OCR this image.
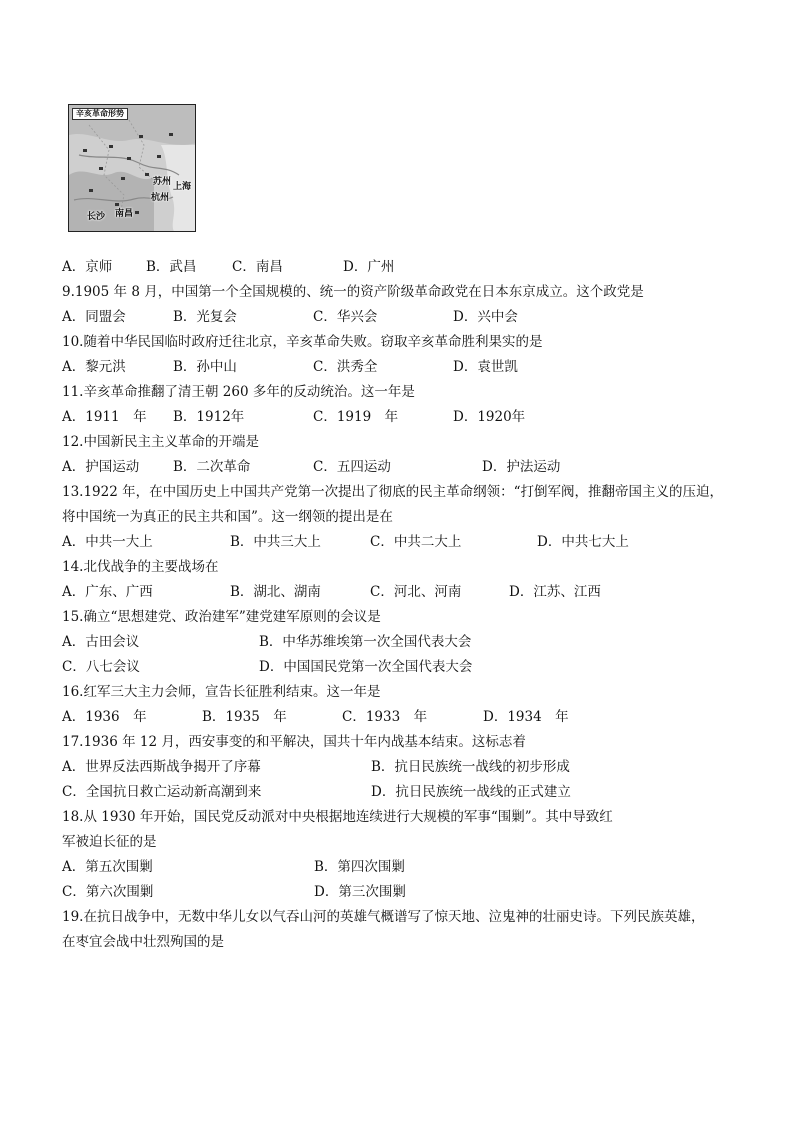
辛亥革命形势
苏州 上海
杭州
长沙 南昌
A．京师	B．武昌	C．南昌	D．广州
9.1905 年 8 月，中国第一个全国规模的、统一的资产阶级革命政党在日本东京成立。这个政党是
A．同盟会	B．光复会	C．华兴会	D．兴中会
10.随着中华民国临时政府迁往北京，辛亥革命失败。窃取辛亥革命胜利果实的是
A．黎元洪	B．孙中山	C．洪秀全	D．袁世凯
11.辛亥革命推翻了清王朝 260 多年的反动统治。这一年是
A．1911　年 B．1912年	C．1919　年	D．1920年
12.中国新民主主义革命的开端是
A．护国运动	B．二次革命	C．五四运动	D．护法运动
13.1922 年，在中国历史上中国共产党第一次提出了彻底的民主革命纲领：“打倒军阀，推翻帝国主义的压迫，
将中国统一为真正的民主共和国”。这一纲领的提出是在
A．中共一大上	B．中共三大上	C．中共二大上	D．中共七大上
14.北伐战争的主要战场在
A．广东、广西	B．湖北、湖南	C．河北、河南	D．江苏、江西
15.确立“思想建党、政治建军”建党建军原则的会议是
A．古田会议	B．中华苏维埃第一次全国代表大会
C．八七会议	D．中国国民党第一次全国代表大会
16.红军三大主力会师，宣告长征胜利结束。这一年是
A．1936　年	B．1935　年	C．1933　年	D．1934　年
17.1936 年 12 月，西安事变的和平解决，国共十年内战基本结束。这标志着
A．世界反法西斯战争揭开了序幕	B．抗日民族统一战线的初步形成
C．全国抗日救亡运动新高潮到来	D．抗日民族统一战线的正式建立
18.从 1930 年开始，国民党反动派对中央根据地连续进行大规模的军事“围剿”。其中导致红
军被迫长征的是
A．第五次围剿	B．第四次围剿
C．第六次围剿	D．第三次围剿
19.在抗日战争中，无数中华儿女以气吞山河的英雄气概谱写了惊天地、泣鬼神的壮丽史诗。下列民族英雄，
在枣宜会战中壮烈殉国的是
